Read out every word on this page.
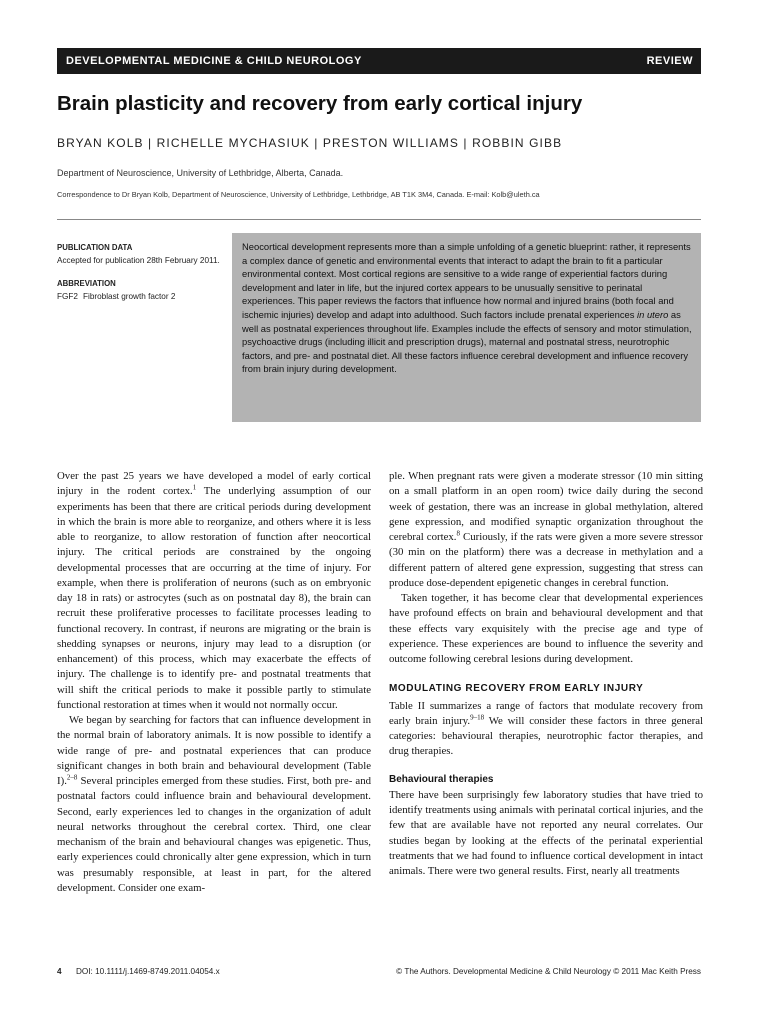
DEVELOPMENTAL MEDICINE & CHILD NEUROLOGY	REVIEW
Brain plasticity and recovery from early cortical injury
BRYAN KOLB | RICHELLE MYCHASIUK | PRESTON WILLIAMS | ROBBIN GIBB
Department of Neuroscience, University of Lethbridge, Alberta, Canada.
Correspondence to Dr Bryan Kolb, Department of Neuroscience, University of Lethbridge, Lethbridge, AB T1K 3M4, Canada. E-mail: Kolb@uleth.ca
PUBLICATION DATA
Accepted for publication 28th February 2011.
ABBREVIATION
FGF2 Fibroblast growth factor 2

Neocortical development represents more than a simple unfolding of a genetic blueprint: rather, it represents a complex dance of genetic and environmental events that interact to adapt the brain to fit a particular environmental context. Most cortical regions are sensitive to a wide range of experiential factors during development and later in life, but the injured cortex appears to be unusually sensitive to perinatal experiences. This paper reviews the factors that influence how normal and injured brains (both focal and ischemic injuries) develop and adapt into adulthood. Such factors include prenatal experiences in utero as well as postnatal experiences throughout life. Examples include the effects of sensory and motor stimulation, psychoactive drugs (including illicit and prescription drugs), maternal and postnatal stress, neurotrophic factors, and pre- and postnatal diet. All these factors influence cerebral development and influence recovery from brain injury during development.

Over the past 25 years we have developed a model of early cortical injury in the rodent cortex.$^1$ The underlying assumption of our experiments has been that there are critical periods during development in which the brain is more able to reorganize, and others where it is less able to reorganize, to allow restoration of function after neocortical injury. The critical periods are constrained by the ongoing developmental processes that are occurring at the time of injury. For example, when there is proliferation of neurons (such as on embryonic day 18 in rats) or astrocytes (such as on postnatal day 8), the brain can recruit these proliferative processes to facilitate processes leading to functional recovery. In contrast, if neurons are migrating or the brain is shedding synapses or neurons, injury may lead to a disruption (or enhancement) of this process, which may exacerbate the effects of injury. The challenge is to identify pre- and postnatal treatments that will shift the critical periods to make it possible partly to stimulate functional restoration at times when it would not normally occur.

We began by searching for factors that can influence development in the normal brain of laboratory animals. It is now possible to identify a wide range of pre- and postnatal experiences that can produce significant changes in both brain and behavioural development (Table I).$^{2-8}$ Several principles emerged from these studies. First, both pre- and postnatal factors could influence brain and behavioural development. Second, early experiences led to changes in the organization of adult neural networks throughout the cerebral cortex. Third, one clear mechanism of the brain and behavioural changes was epigenetic. Thus, early experiences could chronically alter gene expression, which in turn was presumably responsible, at least in part, for the altered development. Consider one exam-

ple. When pregnant rats were given a moderate stressor (10 min sitting on a small platform in an open room) twice daily during the second week of gestation, there was an increase in global methylation, altered gene expression, and modified synaptic organization throughout the cerebral cortex.$^8$ Curiously, if the rats were given a more severe stressor (30 min on the platform) there was a decrease in methylation and a different pattern of altered gene expression, suggesting that stress can produce dose-dependent epigenetic changes in cerebral function.

Taken together, it has become clear that developmental experiences have profound effects on brain and behavioural development and that these effects vary exquisitely with the precise age and type of experience. These experiences are bound to influence the severity and outcome following cerebral lesions during development.

MODULATING RECOVERY FROM EARLY INJURY

Table II summarizes a range of factors that modulate recovery from early brain injury.$^{9-18}$ We will consider these factors in three general categories: behavioural therapies, neurotrophic factor therapies, and drug therapies.

Behavioural therapies

There have been surprisingly few laboratory studies that have tried to identify treatments using animals with perinatal cortical injuries, and the few that are available have not reported any neural correlates. Our studies began by looking at the effects of the perinatal experiential treatments that we had found to influence cortical development in intact animals. There were two general results. First, nearly all treatments

4 DOI: 10.1111/j.1469-8749.2011.04054.x	© The Authors. Developmental Medicine & Child Neurology © 2011 Mac Keith Press
